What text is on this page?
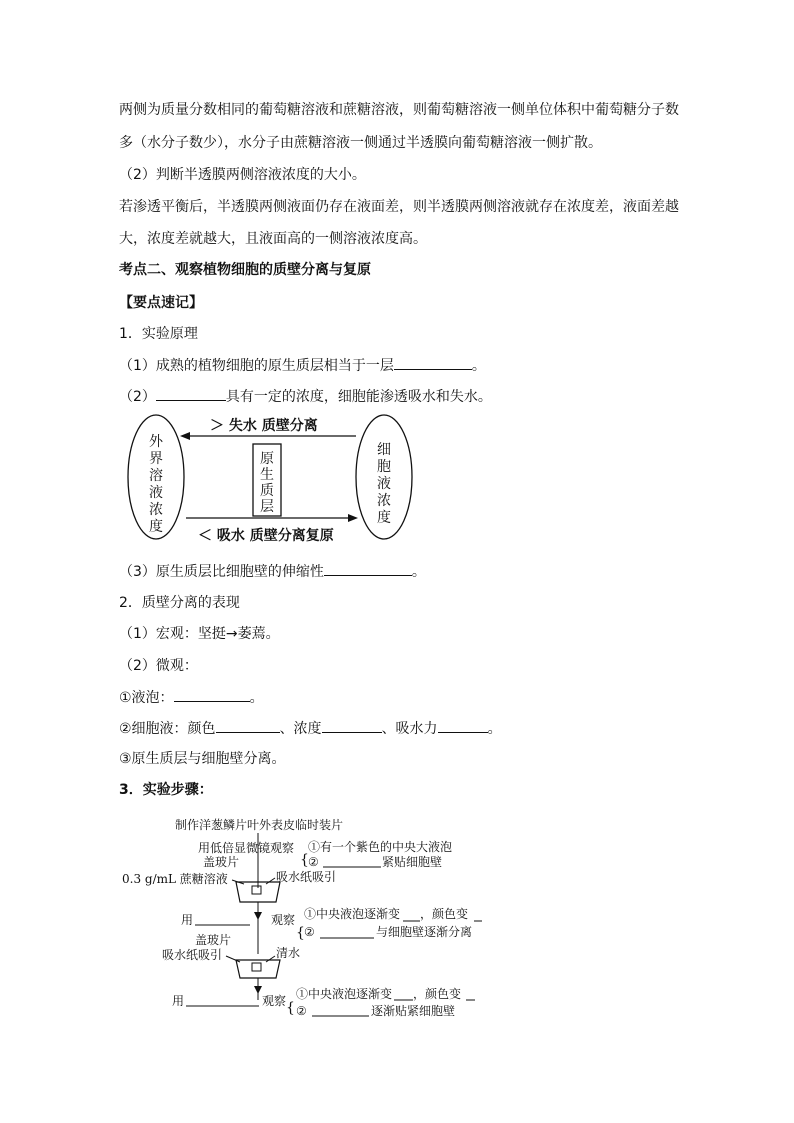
两侧为质量分数相同的葡萄糖溶液和蔗糖溶液，则葡萄糖溶液一侧单位体积中葡萄糖分子数
多（水分子数少），水分子由蔗糖溶液一侧通过半透膜向葡萄糖溶液一侧扩散。
（2）判断半透膜两侧溶液浓度的大小。
若渗透平衡后，半透膜两侧液面仍存在液面差，则半透膜两侧溶液就存在浓度差，液面差越
大，浓度差就越大，且液面高的一侧溶液浓度高。
考点二、观察植物细胞的质壁分离与复原
【要点速记】
1．实验原理
（1）成熟的植物细胞的原生质层相当于一层	。
（2）	具有一定的浓度，细胞能渗透吸水和失水。
＞ 失水 质壁分离
＜ 吸水 质壁分离复原
外
界
溶
液
浓
度
细
胞
液
浓
度
原
生
质
层
（3）原生质层比细胞壁的伸缩性	。
2．质壁分离的表现
（1）宏观：坚挺→萎蔫。
（2）微观：
①液泡：	。
②细胞液：颜色	、浓度	、吸水力	。
③原生质层与细胞壁分离。
3．实验步骤：
制作洋葱鳞片叶外表皮临时装片
用低倍显微镜观察
{
①有一个紫色的中央大液泡
②	紧贴细胞壁
盖玻片
0.3 g/mL 蔗糖溶液	吸水纸吸引
用	观察
{
①中央液泡逐渐变 ，颜色变
②	与细胞壁逐渐分离
盖玻片
吸水纸吸引	清水
用	观察 {
①中央液泡逐渐变 ，颜色变
②	逐渐贴紧细胞壁
